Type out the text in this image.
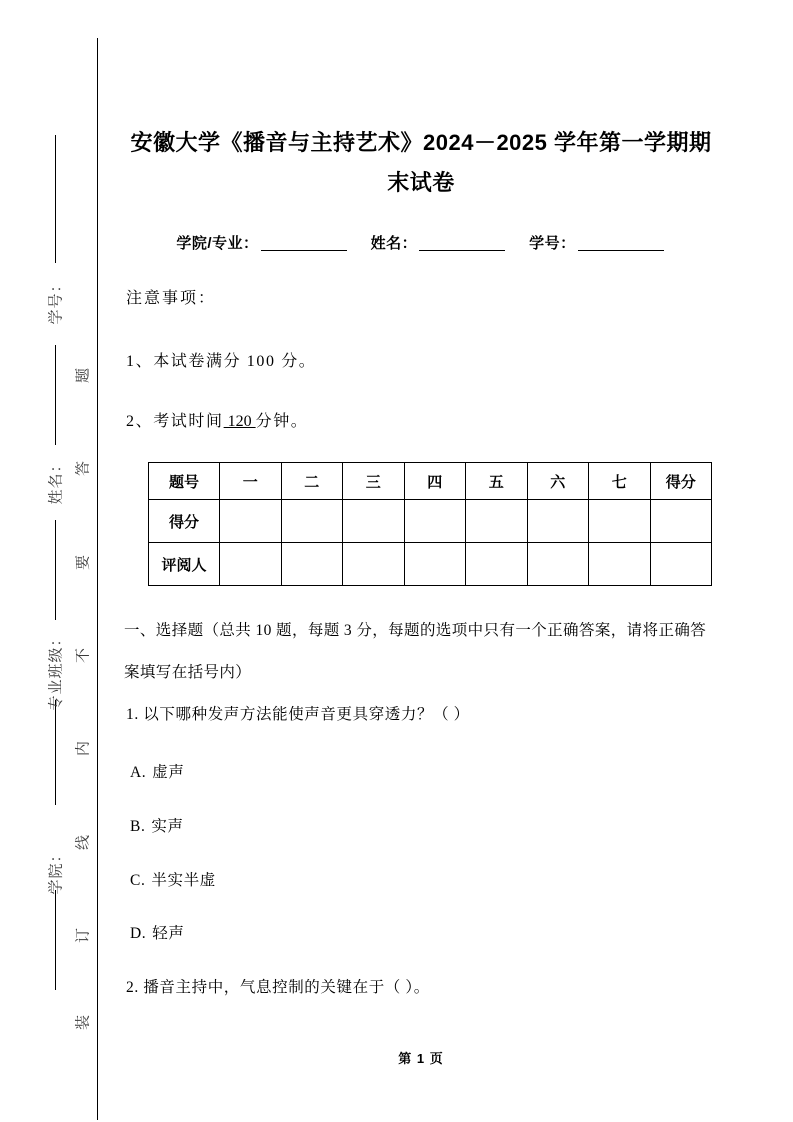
学号：
姓名：
专业班级：
学院：
题
答
要
不
内
线
订
装
安徽大学《播音与主持艺术》2024－2025 学年第一学期期末试卷
学院/专业：	姓名：	学号：
注意事项：
1、本试卷满分 100 分。
2、考试时间 120 分钟。
题号	一	二	三	四	五	六	七	得分
得分								
评阅人								
一、选择题（总共 10 题，每题 3 分，每题的选项中只有一个正确答案，请将正确答案填写在括号内）
1. 以下哪种发声方法能使声音更具穿透力？（ ）
A. 虚声
B. 实声
C. 半实半虚
D. 轻声
2. 播音主持中，气息控制的关键在于（ ）。
第 1 页
